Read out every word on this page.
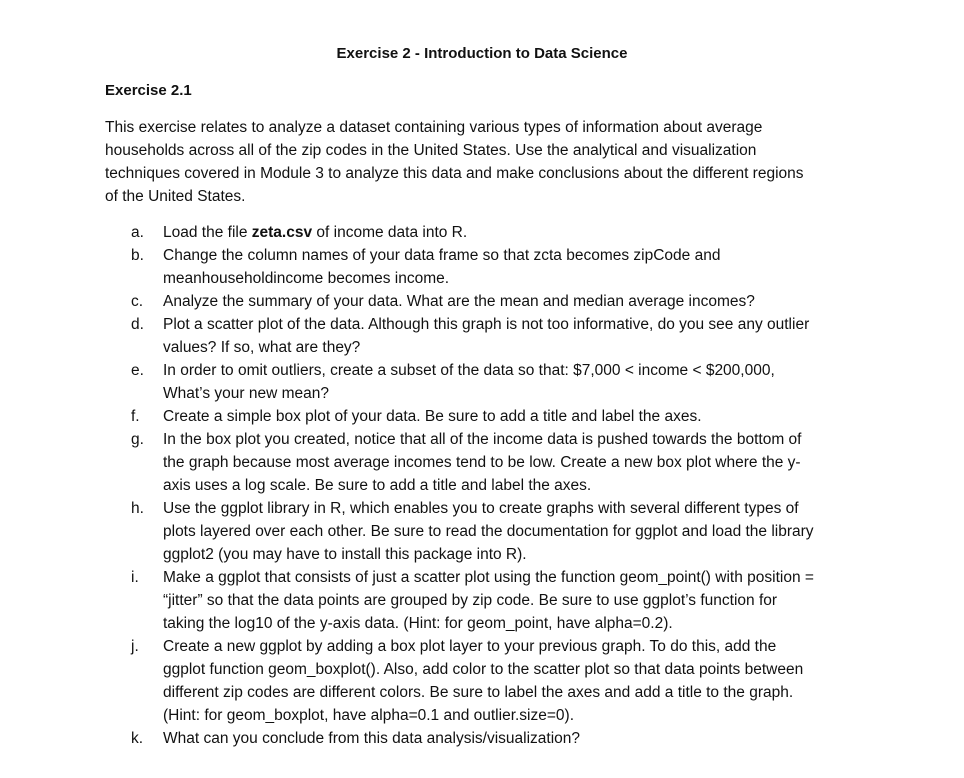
Exercise 2 - Introduction to Data Science
Exercise 2.1

This exercise relates to analyze a dataset containing various types of information about average
households across all of the zip codes in the United States. Use the analytical and visualization
techniques covered in Module 3 to analyze this data and make conclusions about the different regions
of the United States.

a.	Load the file zeta.csv of income data into R.
b.	Change the column names of your data frame so that zcta becomes zipCode and
meanhouseholdincome becomes income.
c.	Analyze the summary of your data. What are the mean and median average incomes?
d.	Plot a scatter plot of the data. Although this graph is not too informative, do you see any outlier
values? If so, what are they?
e.	In order to omit outliers, create a subset of the data so that: $7,000 < income < $200,000,
What’s your new mean?
f.	Create a simple box plot of your data. Be sure to add a title and label the axes.
g.	In the box plot you created, notice that all of the income data is pushed towards the bottom of
the graph because most average incomes tend to be low. Create a new box plot where the y-
axis uses a log scale. Be sure to add a title and label the axes.
h.	Use the ggplot library in R, which enables you to create graphs with several different types of
plots layered over each other. Be sure to read the documentation for ggplot and load the library
ggplot2 (you may have to install this package into R).
i.	Make a ggplot that consists of just a scatter plot using the function geom_point() with position =
“jitter” so that the data points are grouped by zip code. Be sure to use ggplot’s function for
taking the log10 of the y-axis data. (Hint: for geom_point, have alpha=0.2).
j.	Create a new ggplot by adding a box plot layer to your previous graph. To do this, add the
ggplot function geom_boxplot(). Also, add color to the scatter plot so that data points between
different zip codes are different colors. Be sure to label the axes and add a title to the graph.
(Hint: for geom_boxplot, have alpha=0.1 and outlier.size=0).
k.	What can you conclude from this data analysis/visualization?
